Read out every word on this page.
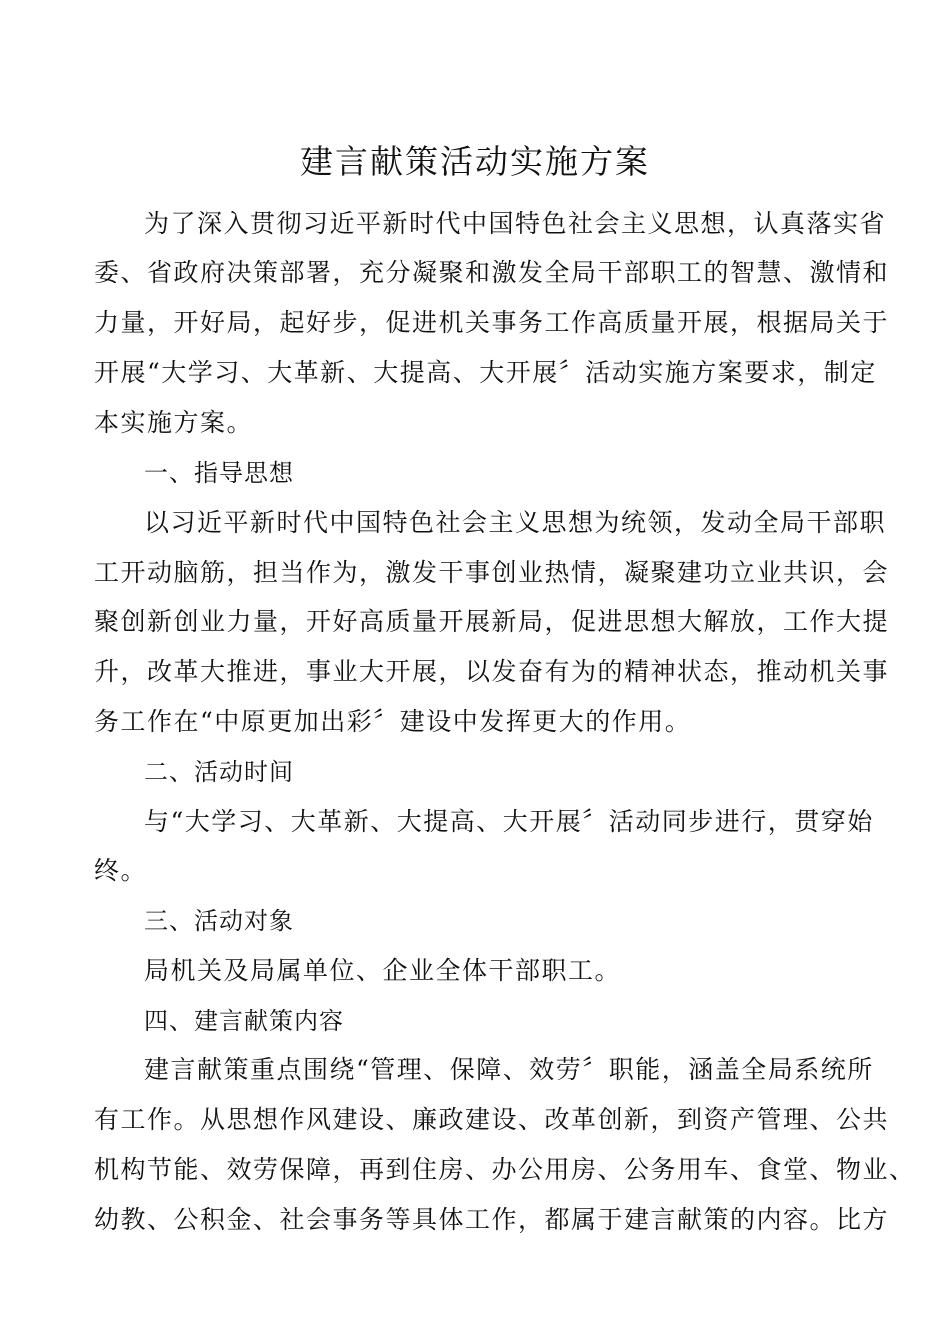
建言献策活动实施方案
为了深入贯彻习近平新时代中国特色社会主义思想，认真落实省
委、省政府决策部署，充分凝聚和激发全局干部职工的智慧、激情和
力量，开好局，起好步，促进机关事务工作高质量开展，根据局关于
开展“大学习、大革新、大提高、大开展〞活动实施方案要求，制定
本实施方案。
一、指导思想
以习近平新时代中国特色社会主义思想为统领，发动全局干部职
工开动脑筋，担当作为，激发干事创业热情，凝聚建功立业共识，会
聚创新创业力量，开好高质量开展新局，促进思想大解放，工作大提
升，改革大推进，事业大开展，以发奋有为的精神状态，推动机关事
务工作在“中原更加出彩〞建设中发挥更大的作用。
二、活动时间
与“大学习、大革新、大提高、大开展〞活动同步进行，贯穿始
终。
三、活动对象
局机关及局属单位、企业全体干部职工。
四、建言献策内容
建言献策重点围绕“管理、保障、效劳〞职能，涵盖全局系统所
有工作。从思想作风建设、廉政建设、改革创新，到资产管理、公共
机构节能、效劳保障，再到住房、办公用房、公务用车、食堂、物业、
幼教、公积金、社会事务等具体工作，都属于建言献策的内容。比方
